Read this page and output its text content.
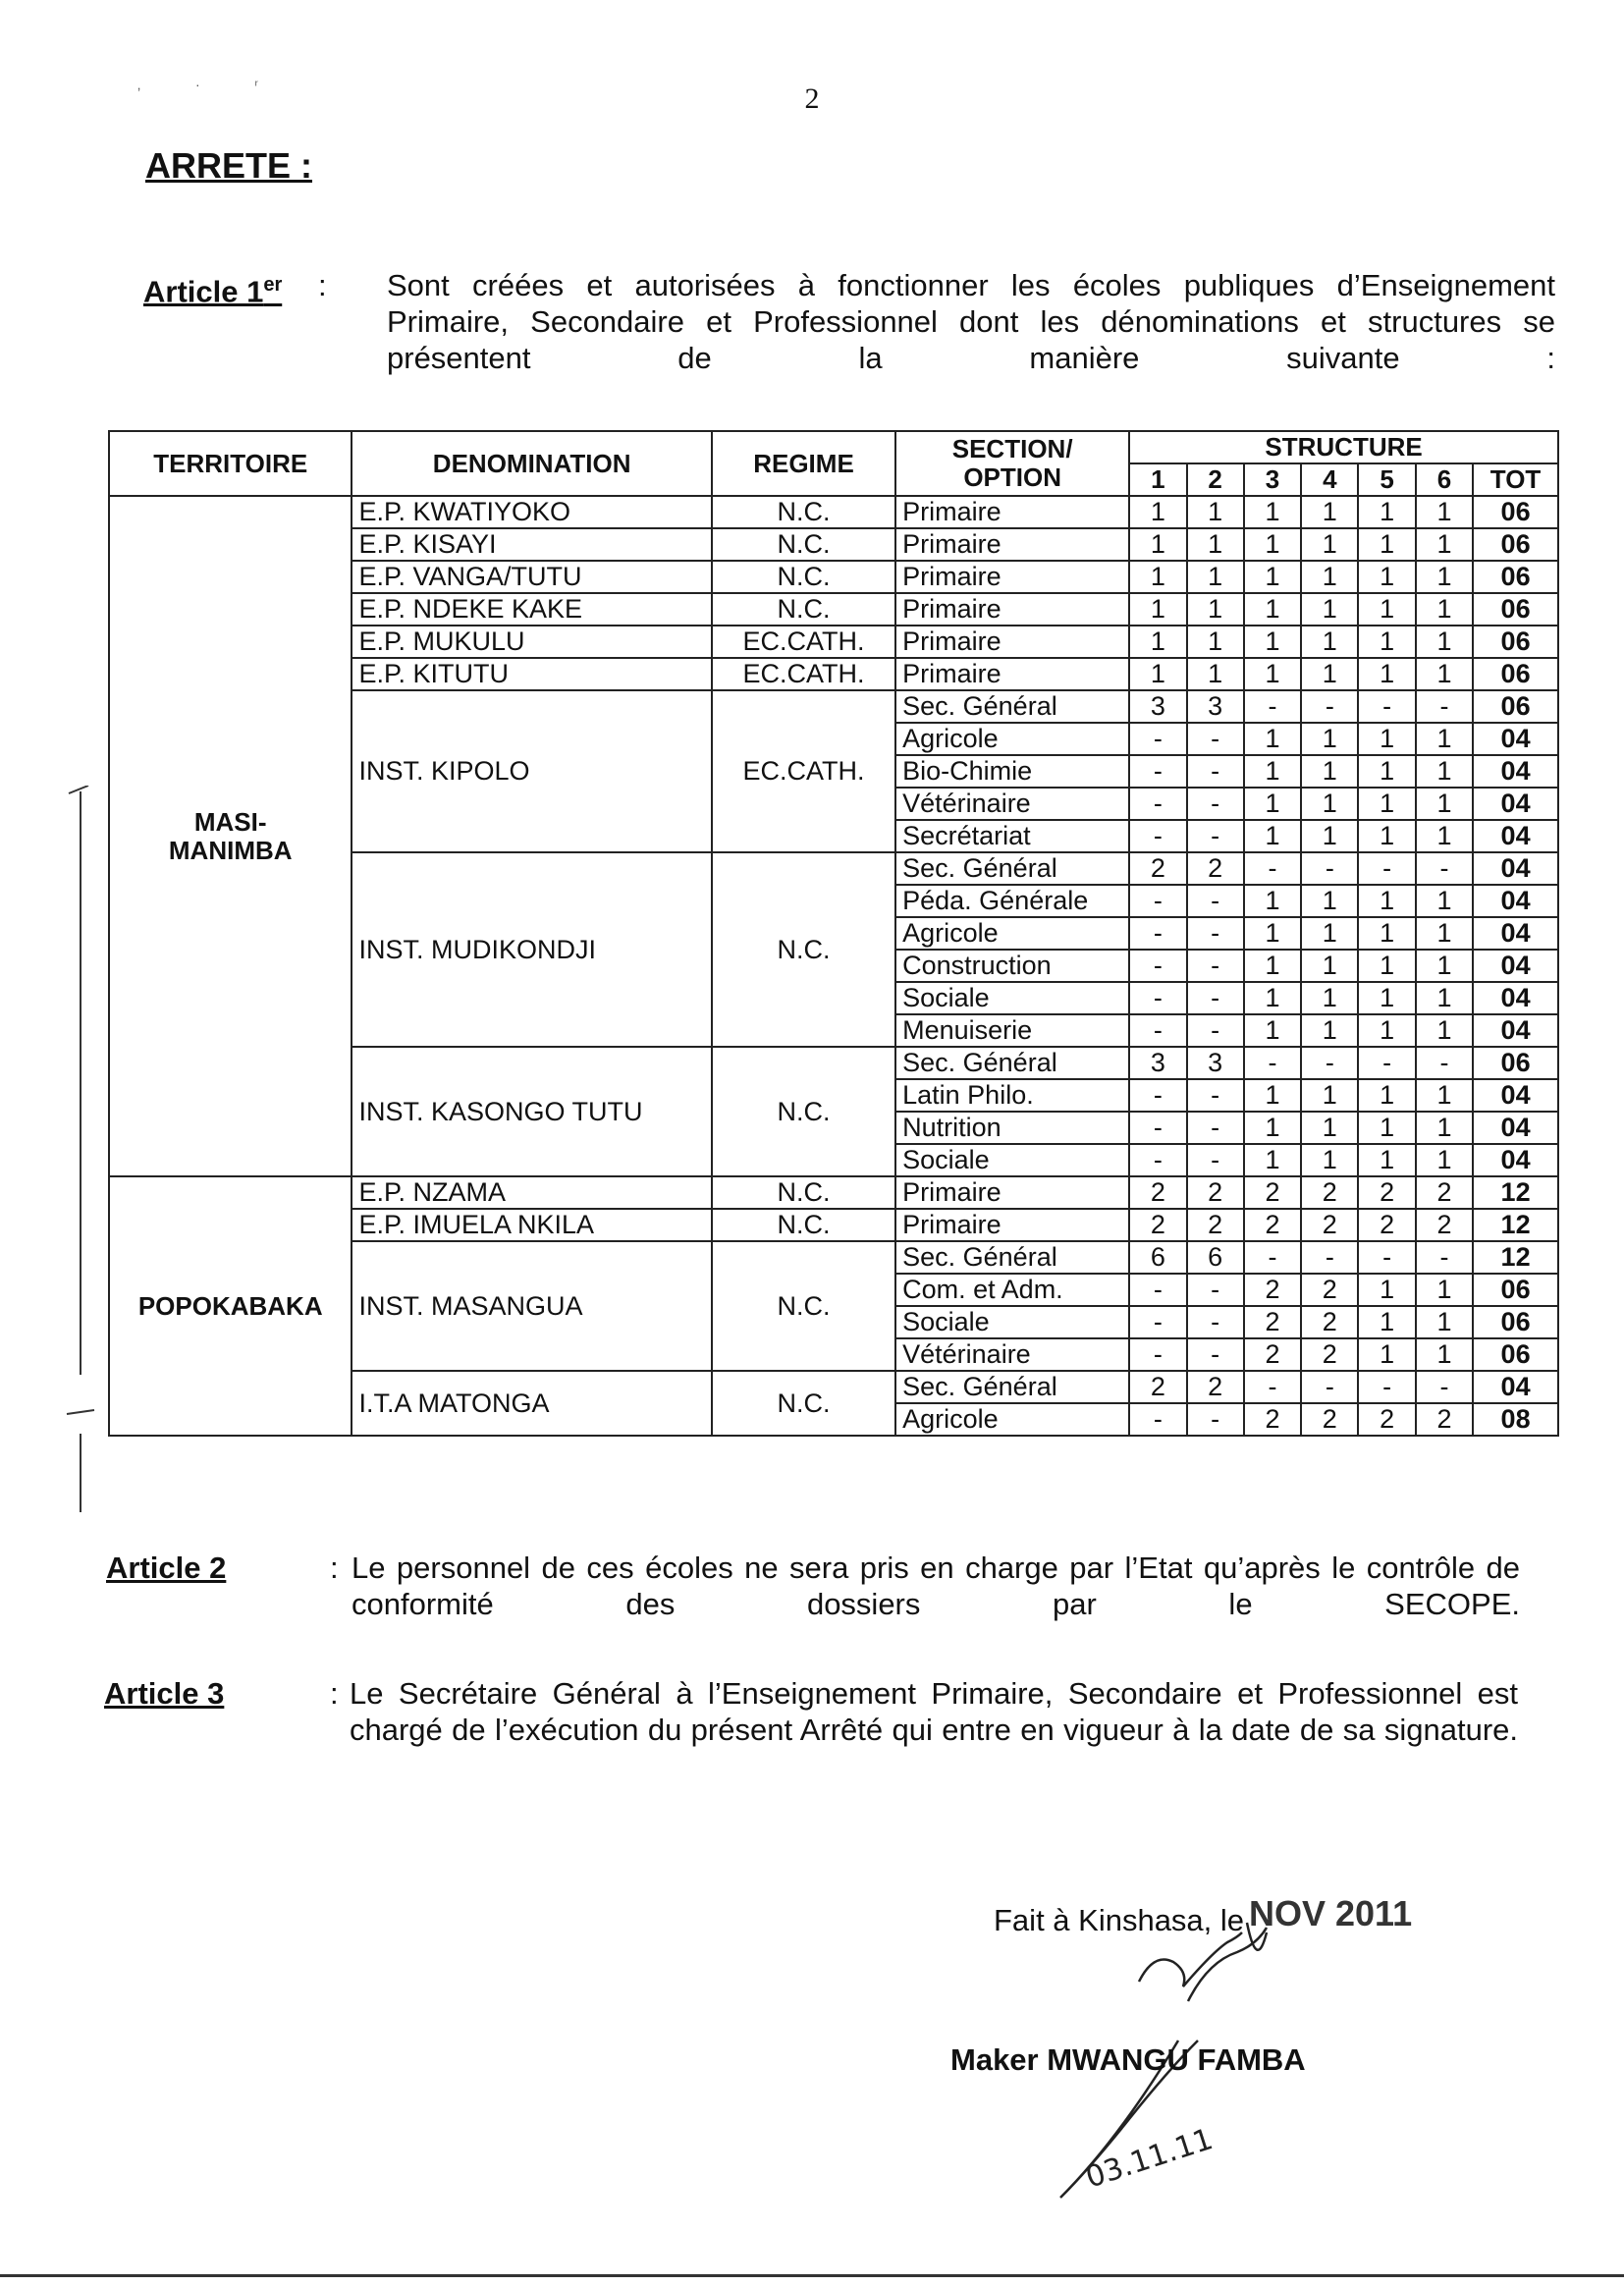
2
‚ · ʳ
ARRETE :
Article 1er : Sont créées et autorisées à fonctionner les écoles publiques d’Enseignement Primaire, Secondaire et Professionnel dont les dénominations et structures se présentent de la manière suivante :
TERRITOIRE	DENOMINATION	REGIME	SECTION/ OPTION	STRUCTURE						
				1	2	3	4	5	6	TOT
MASI-
MANIMBA	E.P. KWATIYOKO	N.C.	Primaire	1	1	1	1	1	1	06
	E.P. KISAYI	N.C.	Primaire	1	1	1	1	1	1	06
	E.P. VANGA/TUTU	N.C.	Primaire	1	1	1	1	1	1	06
	E.P. NDEKE KAKE	N.C.	Primaire	1	1	1	1	1	1	06
	E.P. MUKULU	EC.CATH.	Primaire	1	1	1	1	1	1	06
	E.P. KITUTU	EC.CATH.	Primaire	1	1	1	1	1	1	06
	INST. KIPOLO	EC.CATH.	Sec. Général	3	3	-	-	-	-	06
			Agricole	-	-	1	1	1	1	04
			Bio-Chimie	-	-	1	1	1	1	04
			Vétérinaire	-	-	1	1	1	1	04
			Secrétariat	-	-	1	1	1	1	04
	INST. MUDIKONDJI	N.C.	Sec. Général	2	2	-	-	-	-	04
			Péda. Générale	-	-	1	1	1	1	04
			Agricole	-	-	1	1	1	1	04
			Construction	-	-	1	1	1	1	04
			Sociale	-	-	1	1	1	1	04
			Menuiserie	-	-	1	1	1	1	04
	INST. KASONGO TUTU	N.C.	Sec. Général	3	3	-	-	-	-	06
			Latin Philo.	-	-	1	1	1	1	04
			Nutrition	-	-	1	1	1	1	04
			Sociale	-	-	1	1	1	1	04
POPOKABAKA	E.P. NZAMA	N.C.	Primaire	2	2	2	2	2	2	12
	E.P. IMUELA NKILA	N.C.	Primaire	2	2	2	2	2	2	12
	INST. MASANGUA	N.C.	Sec. Général	6	6	-	-	-	-	12
			Com. et Adm.	-	-	2	2	1	1	06
			Sociale	-	-	2	2	1	1	06
			Vétérinaire	-	-	2	2	1	1	06
	I.T.A MATONGA	N.C.	Sec. Général	2	2	-	-	-	-	04
			Agricole	-	-	2	2	2	2	08
Article 2	: Le personnel de ces écoles ne sera pris en charge par l’Etat qu’après le contrôle de conformité des dossiers par le SECOPE.
Article 3	: Le Secrétaire Général à l’Enseignement Primaire, Secondaire et Professionnel est chargé de l’exécution du présent Arrêté qui entre en vigueur à la date de sa signature.
Fait à Kinshasa, le NOV 2011
03.11.11
Maker MWANGU FAMBA
